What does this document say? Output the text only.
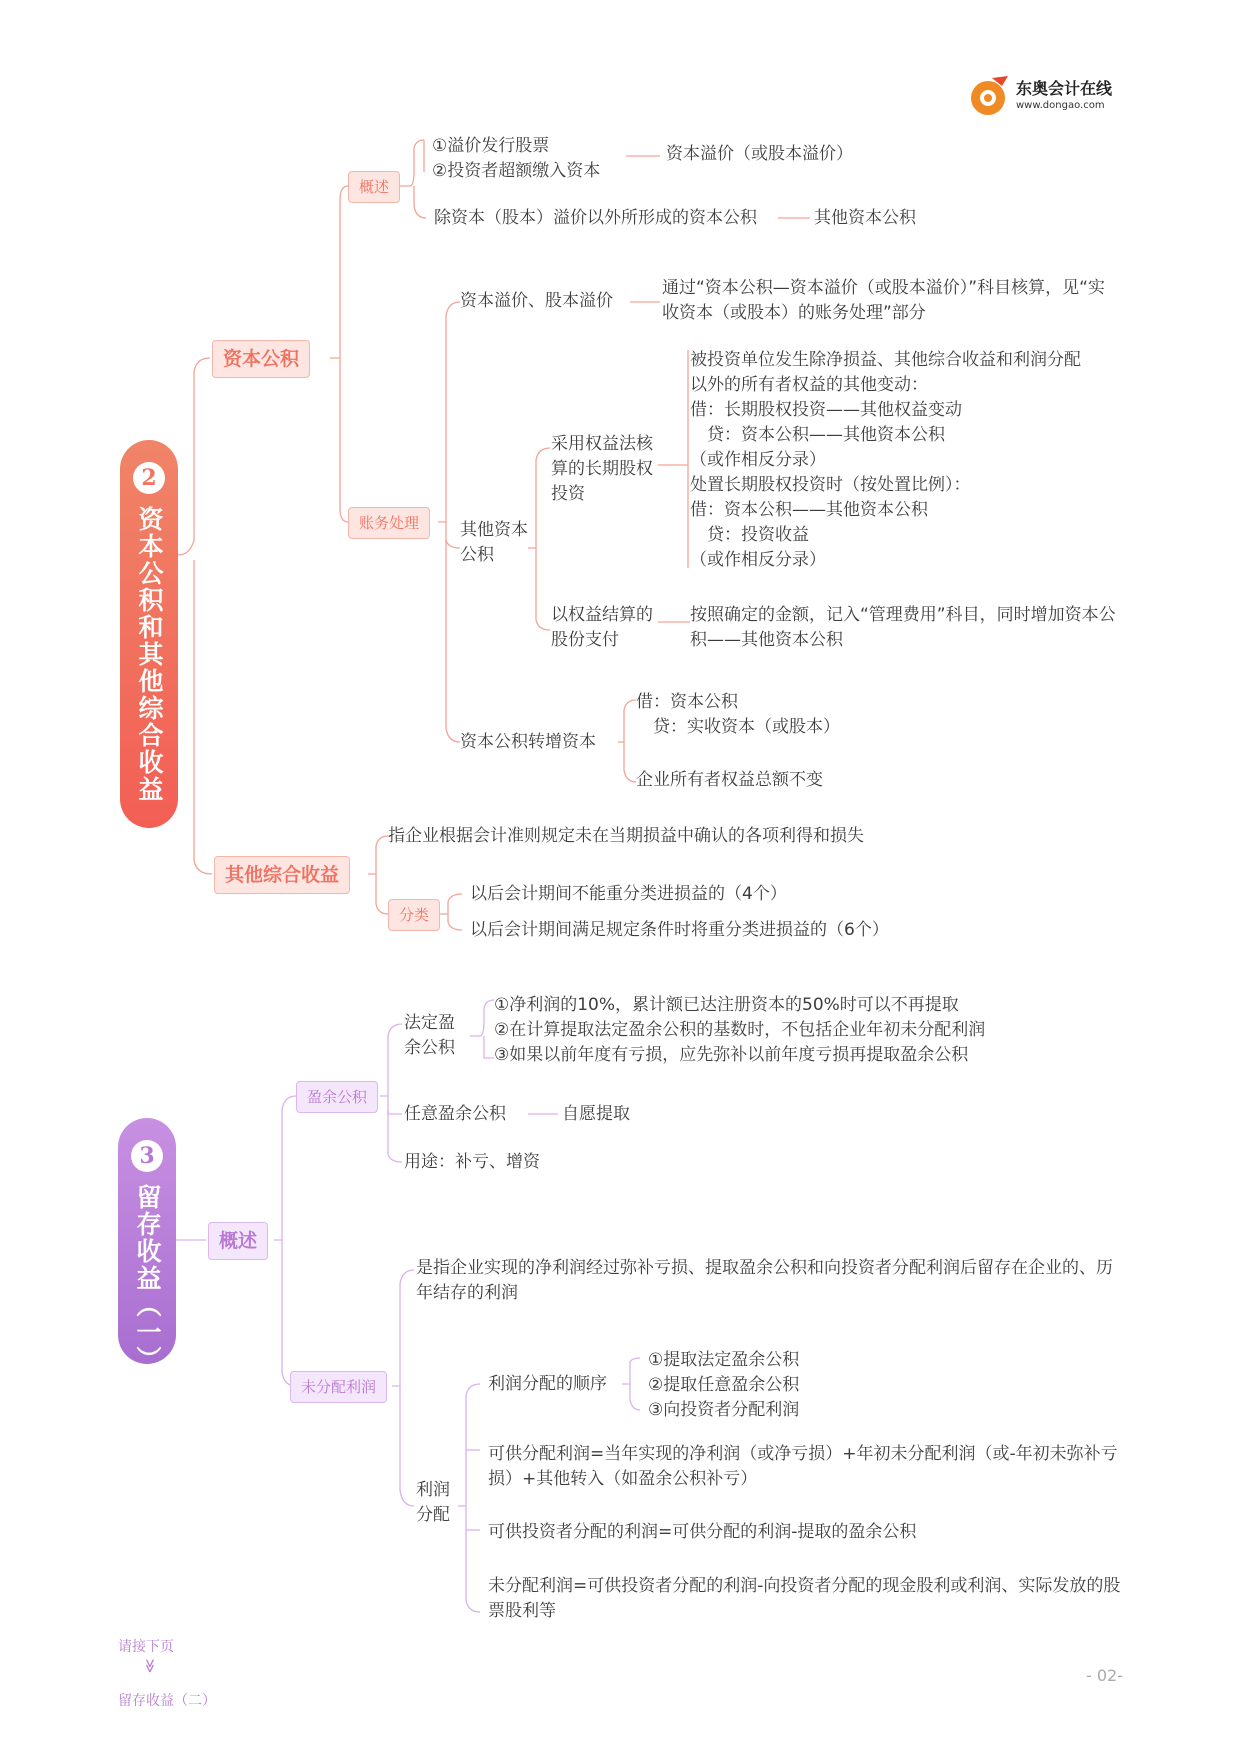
东奥会计在线
www.dongao.com
2
资本公积和其他综合收益
资本公积
概述
①溢价发行股票
②投资者超额缴入资本
资本溢价（或股本溢价）
除资本（股本）溢价以外所形成的资本公积	其他资本公积
账务处理
资本溢价、股本溢价
通过“资本公积—资本溢价（或股本溢价）”科目核算，见“实收资本（或股本）的账务处理”部分
其他资本公积
采用权益法核算的长期股权投资
被投资单位发生除净损益、其他综合收益和利润分配
以外的所有者权益的其他变动：
借：长期股权投资——其他权益变动
　贷：资本公积——其他资本公积
（或作相反分录）
处置长期股权投资时（按处置比例）：
借：资本公积——其他资本公积
　贷：投资收益
（或作相反分录）
以权益结算的股份支付
按照确定的金额，记入“管理费用”科目，同时增加资本公积——其他资本公积
资本公积转增资本
借：资本公积
　贷：实收资本（或股本）
企业所有者权益总额不变
其他综合收益
指企业根据会计准则规定未在当期损益中确认的各项利得和损失
分类
以后会计期间不能重分类进损益的（4个）
以后会计期间满足规定条件时将重分类进损益的（6个）
3
留存收益（一）	概述
盈余公积
法定盈余公积
①净利润的10%，累计额已达注册资本的50%时可以不再提取
②在计算提取法定盈余公积的基数时，不包括企业年初未分配利润
③如果以前年度有亏损，应先弥补以前年度亏损再提取盈余公积
任意盈余公积	自愿提取
用途：补亏、增资
未分配利润
是指企业实现的净利润经过弥补亏损、提取盈余公积和向投资者分配利润后留存在企业的、历年结存的利润
利润分配
利润分配的顺序
①提取法定盈余公积
②提取任意盈余公积
③向投资者分配利润
可供分配利润=当年实现的净利润（或净亏损）+年初未分配利润（或-年初未弥补亏损）+其他转入（如盈余公积补亏）
可供投资者分配的利润=可供分配的利润-提取的盈余公积
未分配利润=可供投资者分配的利润-向投资者分配的现金股利或利润、实际发放的股票股利等
请接下页
≫
留存收益（二）
- 02-
